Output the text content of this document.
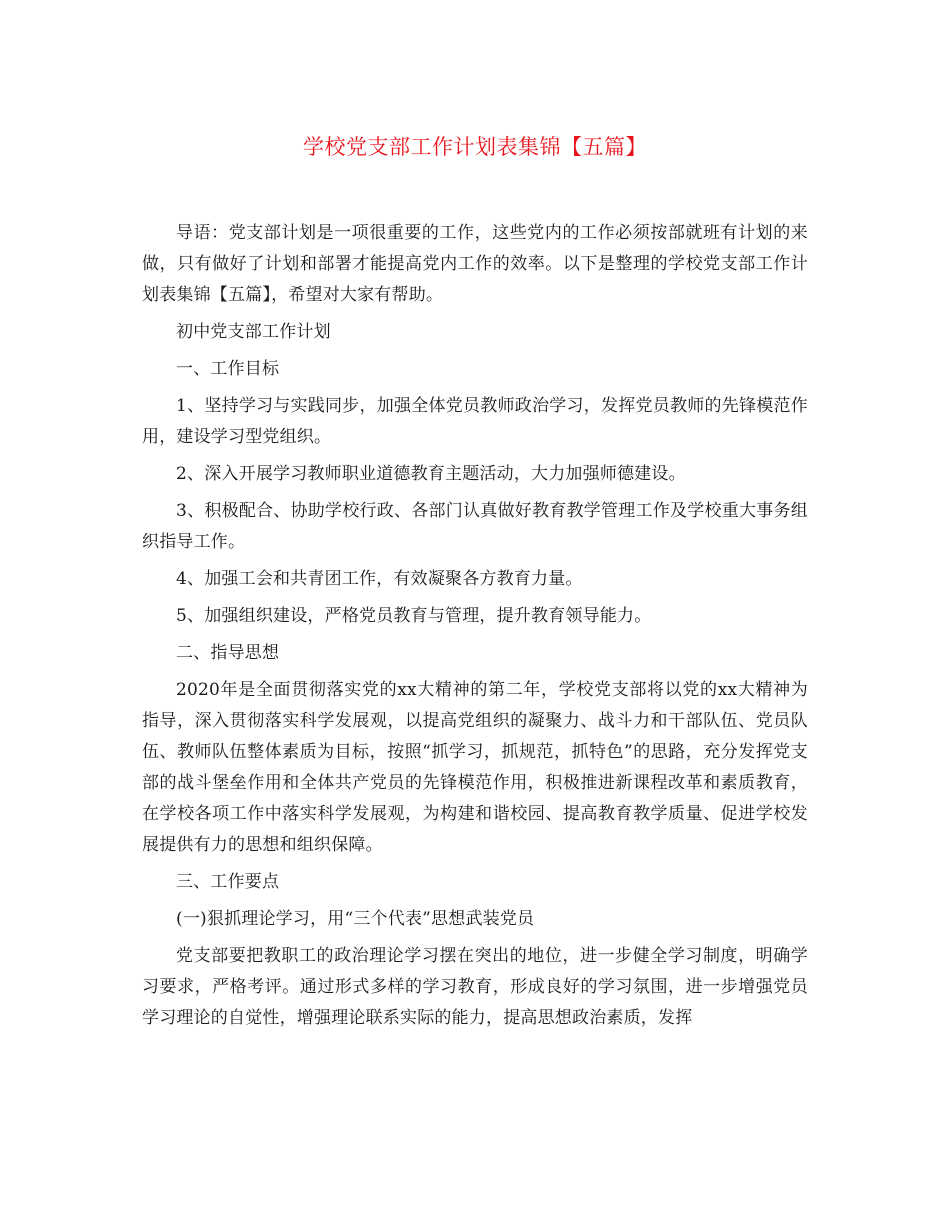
学校党支部工作计划表集锦【五篇】

导语：党支部计划是一项很重要的工作，这些党内的工作必须按部就班有计划的来做，只有做好了计划和部署才能提高党内工作的效率。以下是整理的学校党支部工作计划表集锦【五篇】，希望对大家有帮助。

初中党支部工作计划

一、工作目标

1、坚持学习与实践同步，加强全体党员教师政治学习，发挥党员教师的先锋模范作用，建设学习型党组织。

2、深入开展学习教师职业道德教育主题活动，大力加强师德建设。

3、积极配合、协助学校行政、各部门认真做好教育教学管理工作及学校重大事务组织指导工作。

4、加强工会和共青团工作，有效凝聚各方教育力量。

5、加强组织建设，严格党员教育与管理，提升教育领导能力。

二、指导思想

2020年是全面贯彻落实党的xx大精神的第二年，学校党支部将以党的xx大精神为指导，深入贯彻落实科学发展观，以提高党组织的凝聚力、战斗力和干部队伍、党员队伍、教师队伍整体素质为目标，按照“抓学习，抓规范，抓特色”的思路，充分发挥党支部的战斗堡垒作用和全体共产党员的先锋模范作用，积极推进新课程改革和素质教育，在学校各项工作中落实科学发展观，为构建和谐校园、提高教育教学质量、促进学校发展提供有力的思想和组织保障。

三、工作要点

(一)狠抓理论学习，用“三个代表”思想武装党员

党支部要把教职工的政治理论学习摆在突出的地位，进一步健全学习制度，明确学习要求，严格考评。通过形式多样的学习教育，形成良好的学习氛围，进一步增强党员学习理论的自觉性，增强理论联系实际的能力，提高思想政治素质，发挥
